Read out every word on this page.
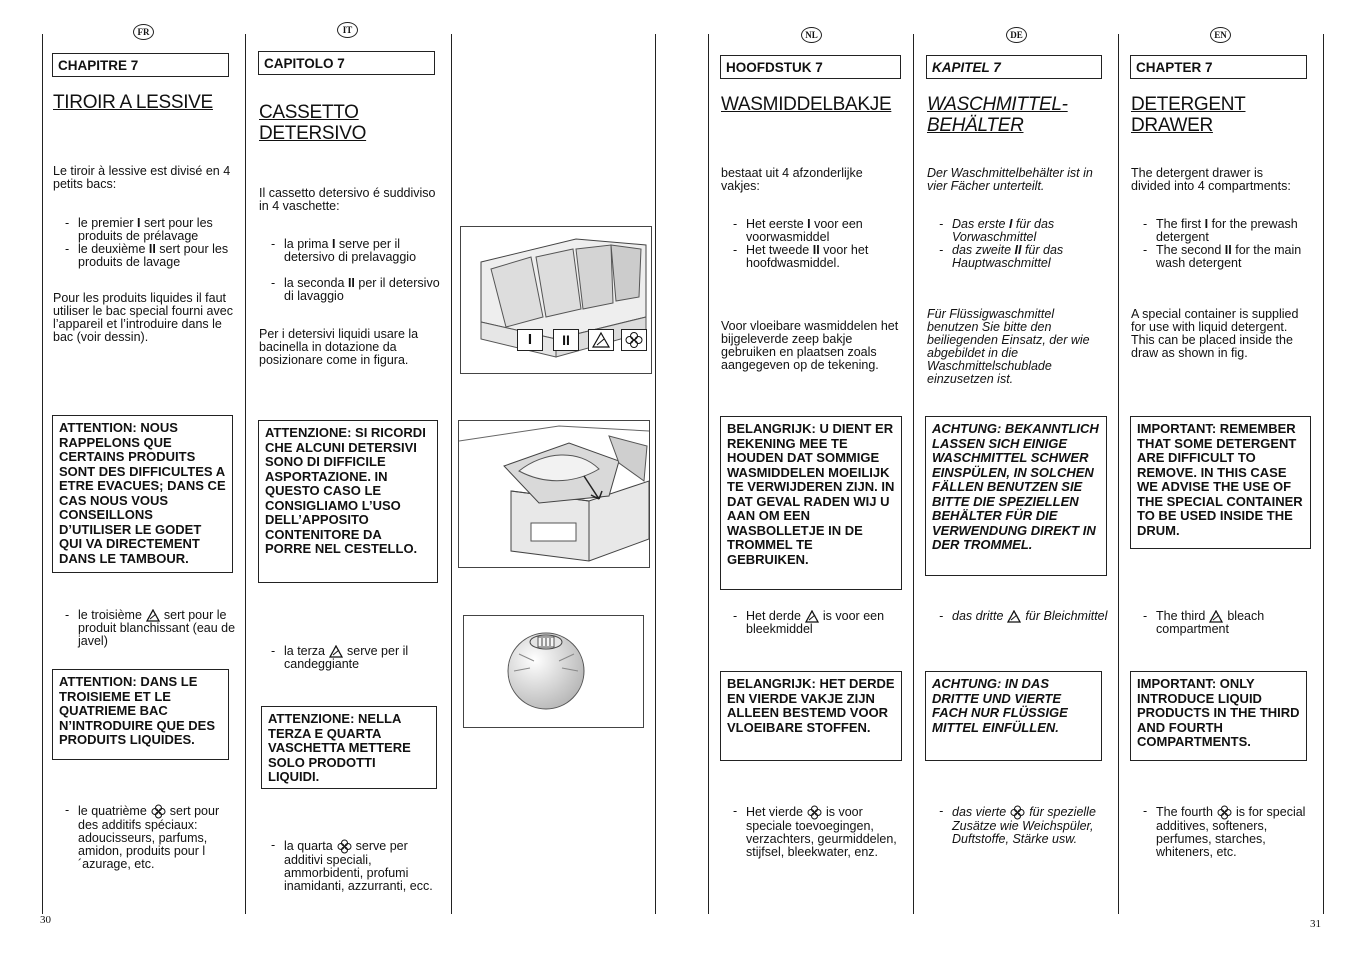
FR
CHAPITRE 7
TIROIR A LESSIVE

Le tiroir à lessive est divisé en 4 petits bacs:

- le premier I sert pour les produits de prélavage
- le deuxième II sert pour les produits de lavage

Pour les produits liquides il faut utiliser le bac special fourni avec l’appareil et l’introduire dans le bac (voir dessin).

ATTENTION: NOUS RAPPELONS QUE CERTAINS PRODUITS SONT DES DIFFICULTES A ETRE EVACUES; DANS CE CAS NOUS VOUS CONSEILLONS D’UTILISER LE GODET QUI VA DIRECTEMENT DANS LE TAMBOUR.
- le troisième sert pour le produit blanchissant (eau de javel)
ATTENTION: DANS LE TROISIEME ET LE QUATRIEME BAC N’INTRODUIRE QUE DES PRODUITS LIQUIDES.
- le quatrième sert pour des additifs spéciaux: adoucisseurs, parfums, amidon, produits pour l´azurage, etc.
IT
CAPITOLO 7
CASSETTO DETERSIVO

Il cassetto detersivo é suddiviso in 4 vaschette:

- la prima I serve per il detersivo di prelavaggio
- la seconda II per il detersivo di lavaggio

Per i detersivi liquidi usare la bacinella in dotazione da posizionare come in figura.

ATTENZIONE: SI RICORDI CHE ALCUNI DETERSIVI SONO DI DIFFICILE ASPORTAZIONE. IN QUESTO CASO LE CONSIGLIAMO L’USO DELL’APPOSITO CONTENITORE DA PORRE NEL CESTELLO.
- la terza serve per il candeggiante
ATTENZIONE: NELLA TERZA E QUARTA VASCHETTA METTERE SOLO PRODOTTI LIQUIDI.
- la quarta serve per additivi speciali, ammorbidenti, profumi inamidanti, azzurranti, ecc.
I	II
NL
HOOFDSTUK 7
WASMIDDELBAKJE

bestaat uit 4 afzonderlijke vakjes:

- Het eerste I voor een voorwasmiddel
- Het tweede II voor het hoofdwasmiddel.

Voor vloeibare wasmiddelen het bijgeleverde zeep bakje gebruiken en plaatsen zoals aangegeven op de tekening.

BELANGRIJK: U DIENT ER REKENING MEE TE HOUDEN DAT SOMMIGE WASMIDDELEN MOEILIJK TE VERWIJDEREN ZIJN. IN DAT GEVAL RADEN WIJ U AAN OM EEN WASBOLLETJE IN DE TROMMEL TE GEBRUIKEN.
- Het derde is voor een bleekmiddel
BELANGRIJK: HET DERDE EN VIERDE VAKJE ZIJN ALLEEN BESTEMD VOOR VLOEIBARE STOFFEN.
- Het vierde is voor speciale toevoegingen, verzachters, geurmiddelen, stijfsel, bleekwater, enz.
DE
KAPITEL 7
WASCHMITTEL-BEHÄLTER

Der Waschmittelbehälter ist in vier Fächer unterteilt.

- Das erste I für das Vorwaschmittel
- das zweite II für das Hauptwaschmittel

Für Flüssigwaschmittel benutzen Sie bitte den beiliegenden Einsatz, der wie abgebildet in die Waschmittelschublade einzusetzen ist.

ACHTUNG: BEKANNTLICH LASSEN SICH EINIGE WASCHMITTEL SCHWER EINSPÜLEN, IN SOLCHEN FÄLLEN BENUTZEN SIE BITTE DIE SPEZIELLEN BEHÄLTER FÜR DIE VERWENDUNG DIREKT IN DER TROMMEL.
- das dritte für Bleichmittel
ACHTUNG: IN DAS DRITTE UND VIERTE FACH NUR FLÜSSIGE MITTEL EINFÜLLEN.
- das vierte für spezielle Zusätze wie Weichspüler, Duftstoffe, Stärke usw.
EN
CHAPTER 7
DETERGENT DRAWER

The detergent drawer is divided into 4 compartments:

- The first I for the prewash detergent
- The second II for the main wash detergent

A special container is supplied for use with liquid detergent. This can be placed inside the draw as shown in fig.

IMPORTANT: REMEMBER THAT SOME DETERGENT ARE DIFFICULT TO REMOVE. IN THIS CASE WE ADVISE THE USE OF THE SPECIAL CONTAINER TO BE USED INSIDE THE DRUM.
- The third bleach compartment
IMPORTANT: ONLY INTRODUCE LIQUID PRODUCTS IN THE THIRD AND FOURTH COMPARTMENTS.
- The fourth is for special additives, softeners, perfumes, starches, whiteners, etc.
30	31
